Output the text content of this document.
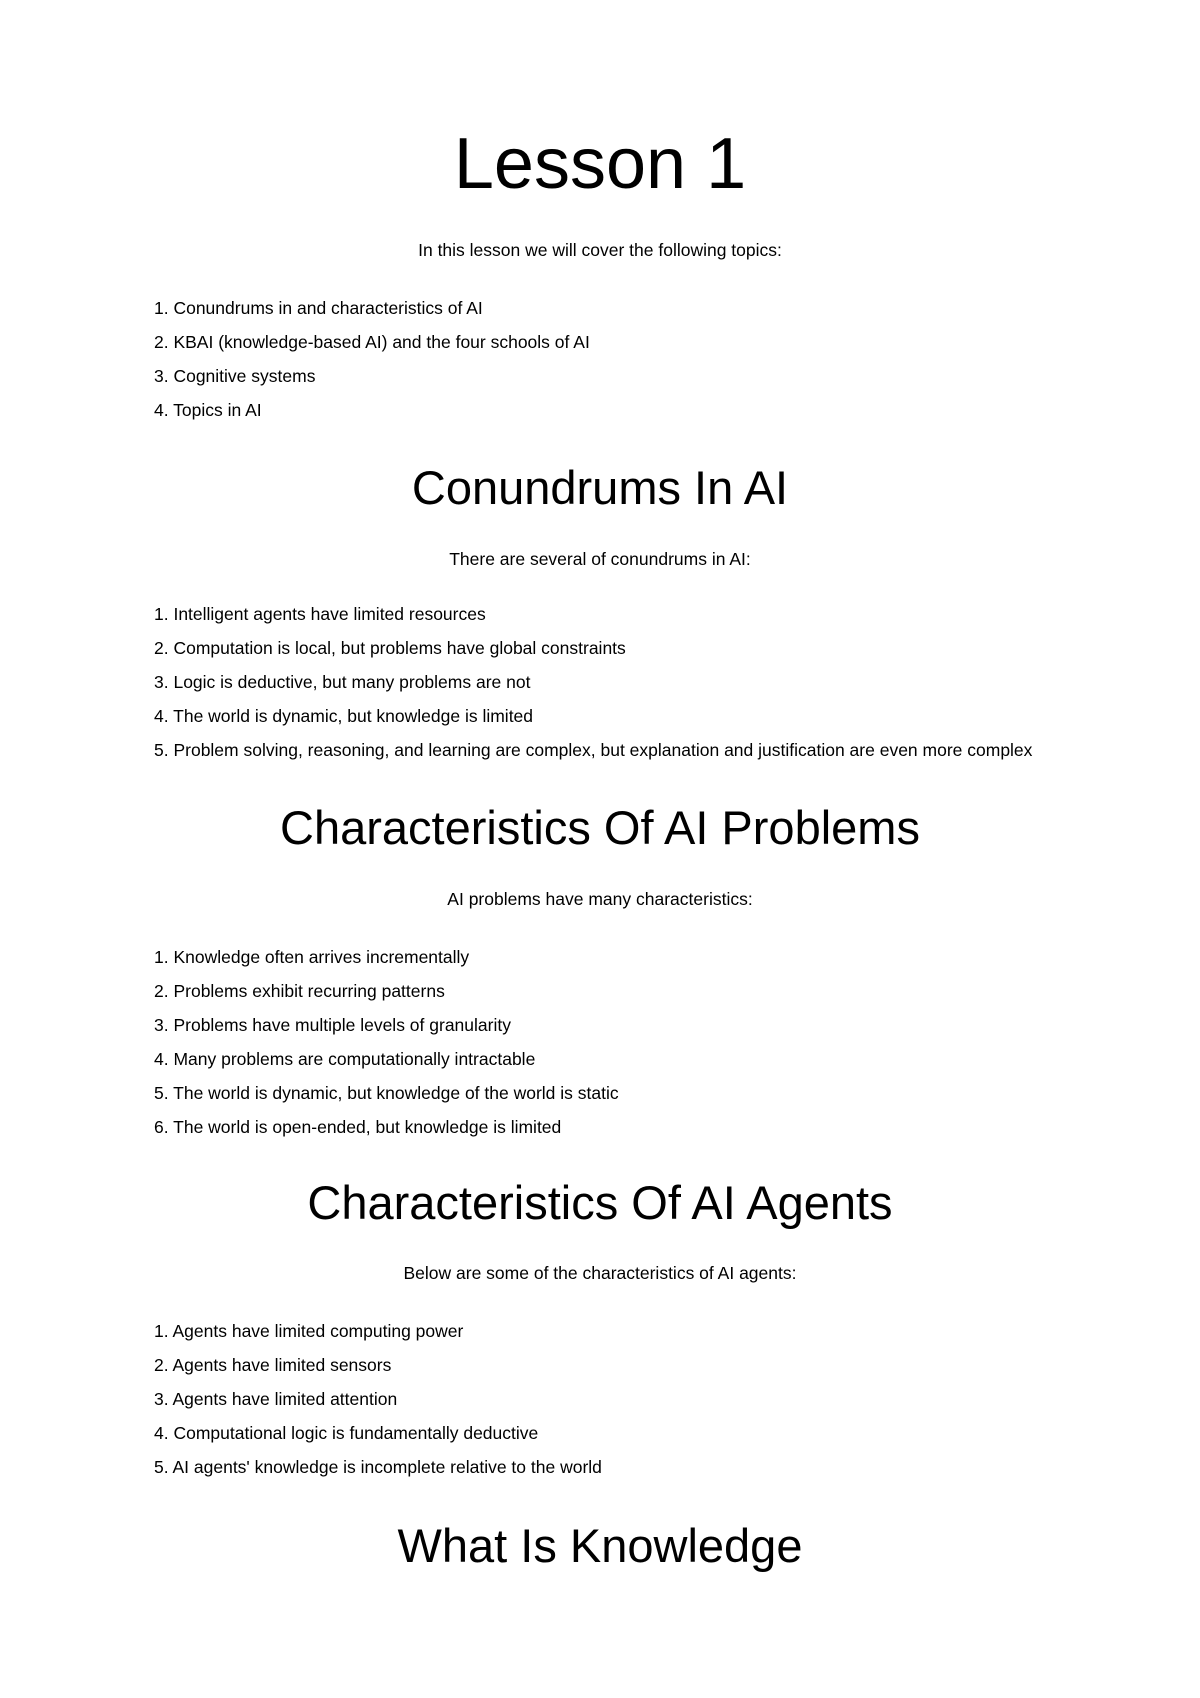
Lesson 1

In this lesson we will cover the following topics:

1. Conundrums in and characteristics of AI
2. KBAI (knowledge-based AI) and the four schools of AI
3. Cognitive systems
4. Topics in AI
Conundrums In AI

There are several of conundrums in AI:

1. Intelligent agents have limited resources
2. Computation is local, but problems have global constraints
3. Logic is deductive, but many problems are not
4. The world is dynamic, but knowledge is limited
5. Problem solving, reasoning, and learning are complex, but explanation and justification are even more complex
Characteristics Of AI Problems

AI problems have many characteristics:

1. Knowledge often arrives incrementally
2. Problems exhibit recurring patterns
3. Problems have multiple levels of granularity
4. Many problems are computationally intractable
5. The world is dynamic, but knowledge of the world is static
6. The world is open-ended, but knowledge is limited
Characteristics Of AI Agents

Below are some of the characteristics of AI agents:

1. Agents have limited computing power
2. Agents have limited sensors
3. Agents have limited attention
4. Computational logic is fundamentally deductive
5. AI agents' knowledge is incomplete relative to the world
What Is Knowledge
